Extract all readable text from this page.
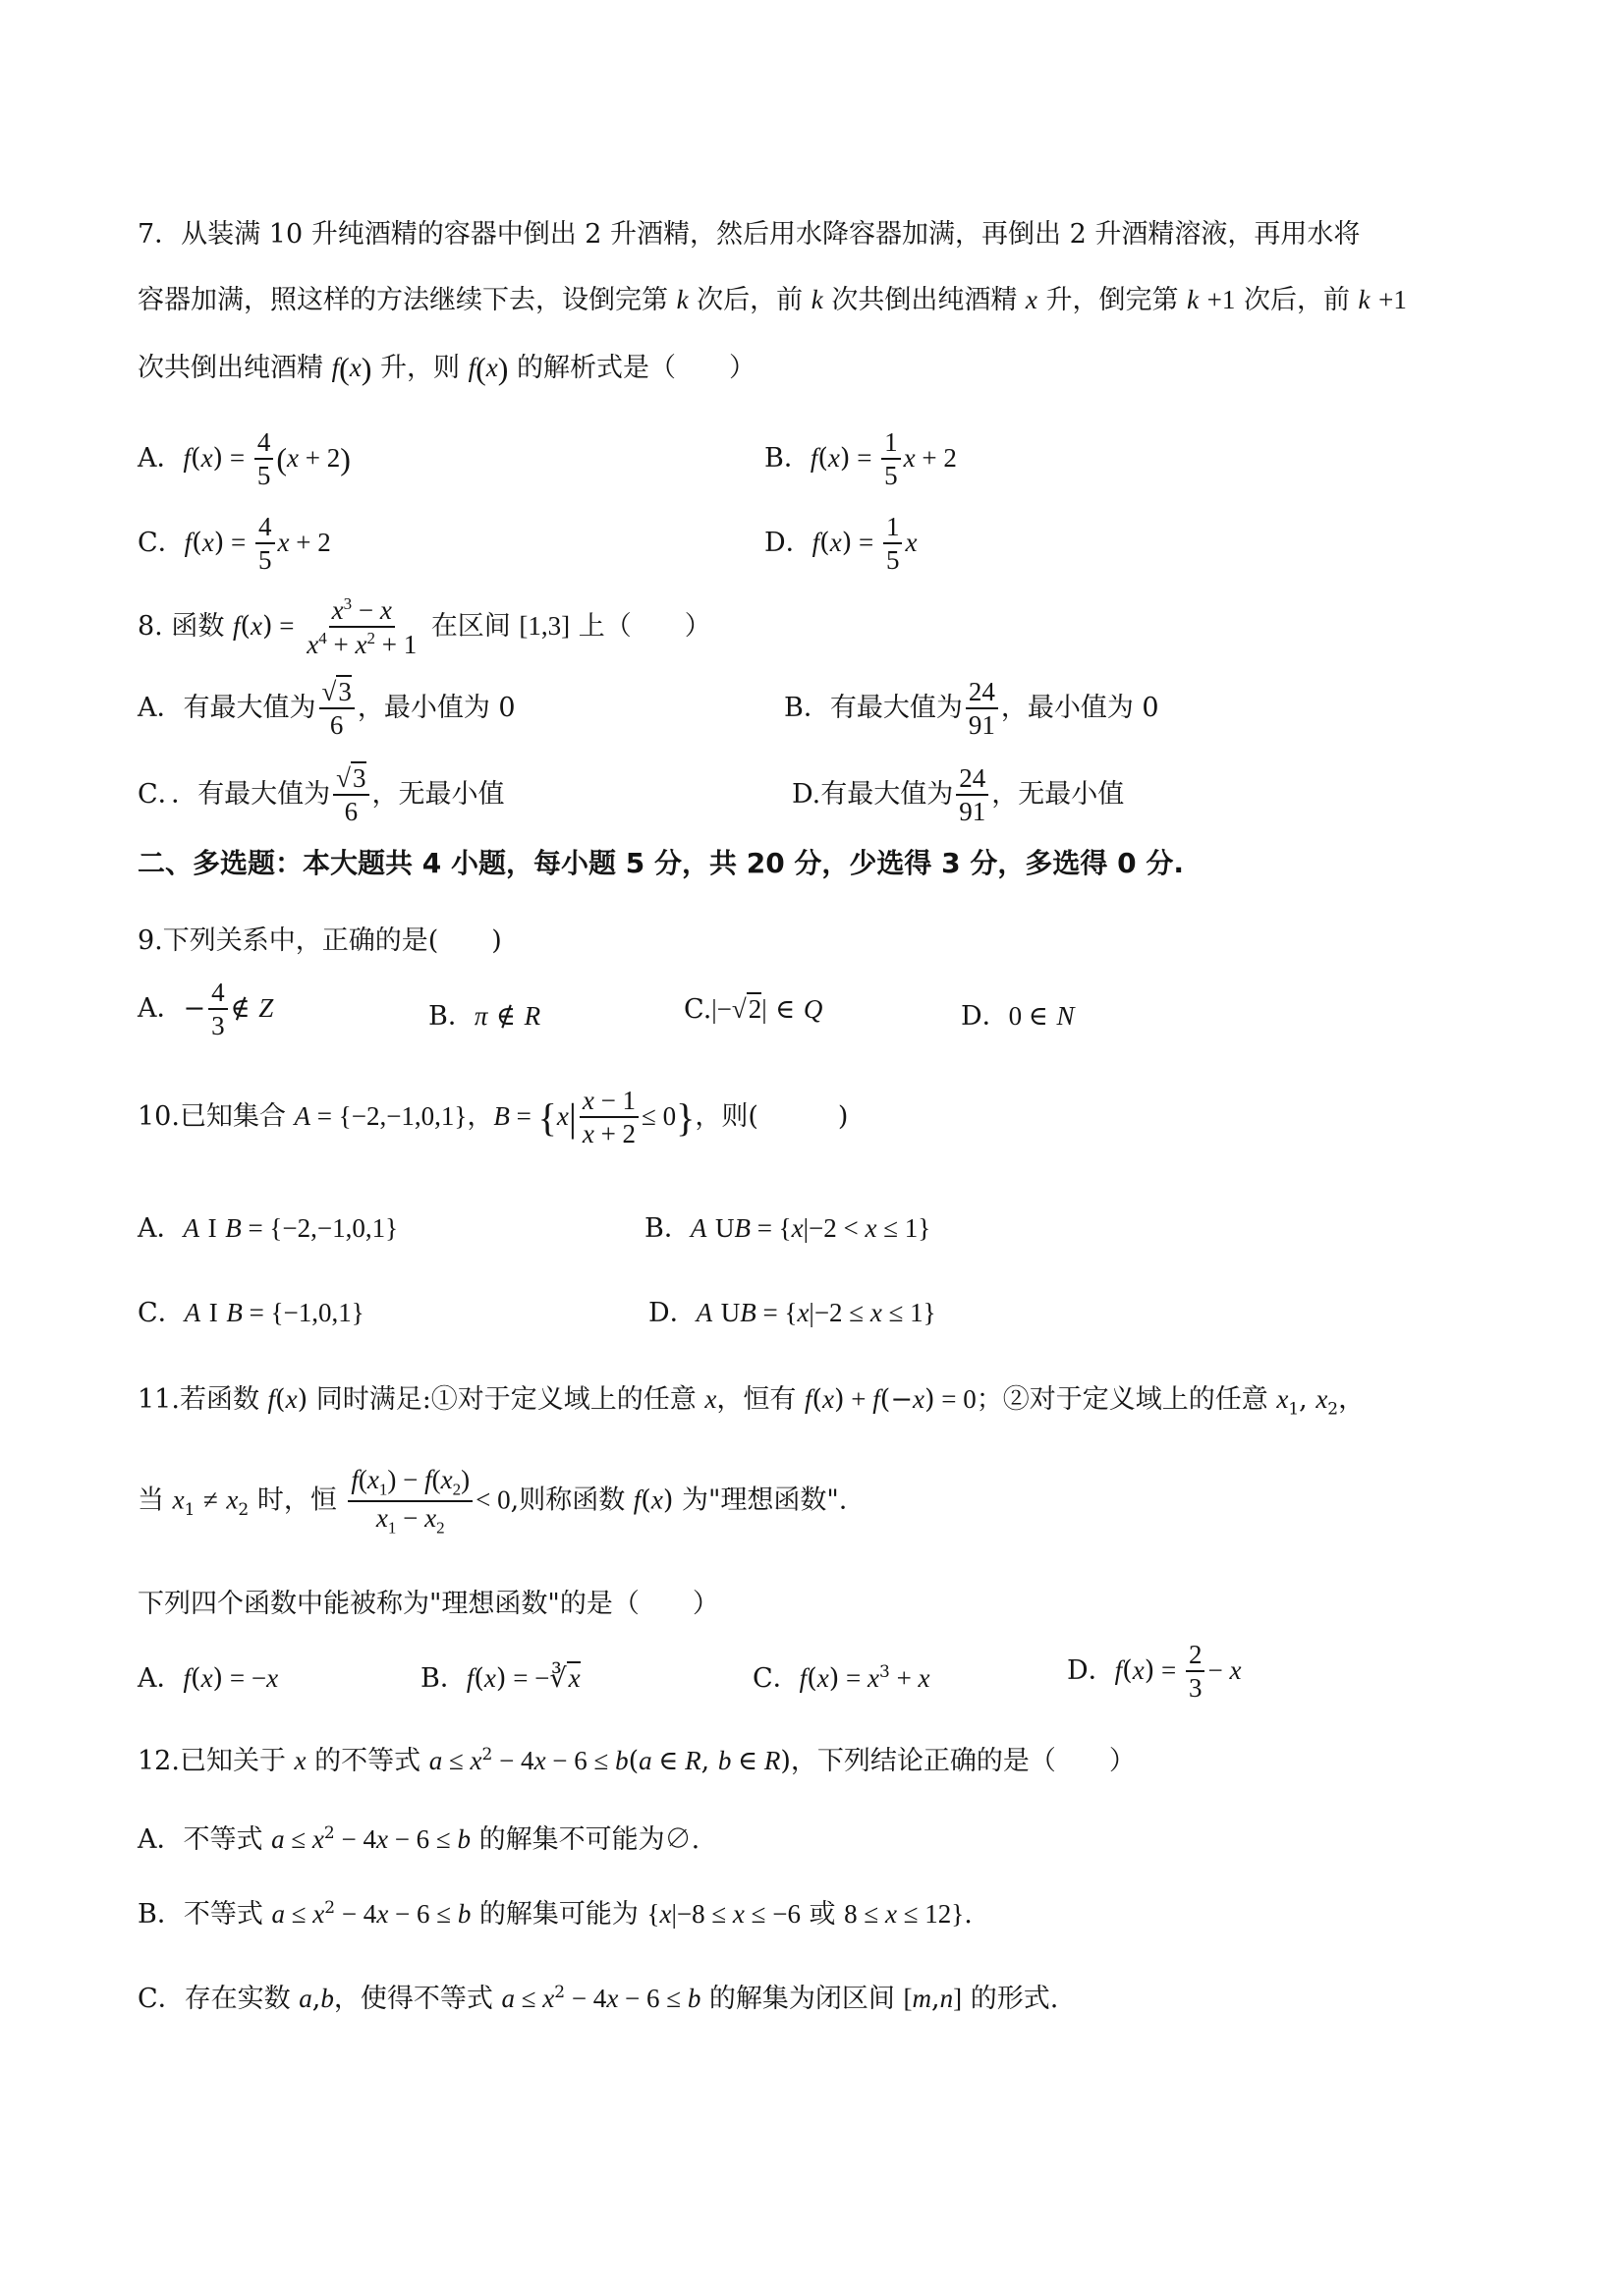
7．从装满 10 升纯酒精的容器中倒出 2 升酒精，然后用水降容器加满，再倒出 2 升酒精溶液，再用水将
容器加满，照这样的方法继续下去，设倒完第 k 次后，前 k 次共倒出纯酒精 x 升，倒完第 k +1 次后，前 k +1
次共倒出纯酒精 f(x) 升，则 f(x) 的解析式是（　　）
A．$f(x) = \frac{4}{5} (x + 2)$	B．$f(x) = \frac{1}{5}$ x + 2
C．$f(x) = \frac{4}{5}$ x + 2	D．$f(x) = \frac{1}{5}$ x
8. 函数 $f(x) = \frac{x^3 - x}{x^4 + x^2 + 1}$ 在区间 [1,3] 上（　　）
A．有最大值为 $\frac{√3}{6}$ ，最小值为 0	B．有最大值为 $\frac{24}{91}$ ，最小值为 0
C．．有最大值为 $\frac{√3}{6}$ ，无最小值	D.有最大值为 $\frac{24}{91}$ ，无最小值
二、多选题：本大题共 4 小题，每小题 5 分，共 20 分，少选得 3 分，多选得 0 分.
9.下列关系中，正确的是(　　)
A．− $\frac{4}{3}$ ∉ Z	B．π ∉ R	C.|−√2| ∈ Q	D．0 ∈ N
10.已知集合 A = {−2,−1,0,1}，$B = \{x| \frac{x - 1}{x + 2} \le 0\}$，则(　　　)
A．A I B = {−2,−1,0,1}	B．A UB = {x|−2 < x ≤ 1}
C．A I B = {−1,0,1}	D．A UB = {x|−2 ≤ x ≤ 1}
11.若函数 f(x) 同时满足:①对于定义域上的任意 x，恒有 f(x) + f(−x) = 0；②对于定义域上的任意 $x_1$, $x_2$，
当 $x_1 \ne x_2$ 时，恒 $\frac{f(x_1) - f(x_2)}{x_1 - x_2} < 0$,则称函数 f(x) 为"理想函数".
下列四个函数中能被称为"理想函数"的是（　　）
A．f(x) = −x	B．f(x) = −∛x	C．$f(x) = x^3 + x$	D．$f(x) = \frac{2}{3} - x$
12.已知关于 x 的不等式 $a \le x^2 - 4x - 6 \le b(a$ ∈ R, b ∈ R)，下列结论正确的是（　　）
A．不等式 $a \le x^2 - 4x - 6 \le b$ 的解集不可能为∅.
B．不等式 $a \le x^2 - 4x - 6 \le b$ 的解集可能为 {x|−8 ≤ x ≤ −6 或 8 ≤ x ≤ 12}.
C．存在实数 a,b，使得不等式 $a \le x^2 - 4x - 6 \le b$ 的解集为闭区间 [m,n] 的形式.
